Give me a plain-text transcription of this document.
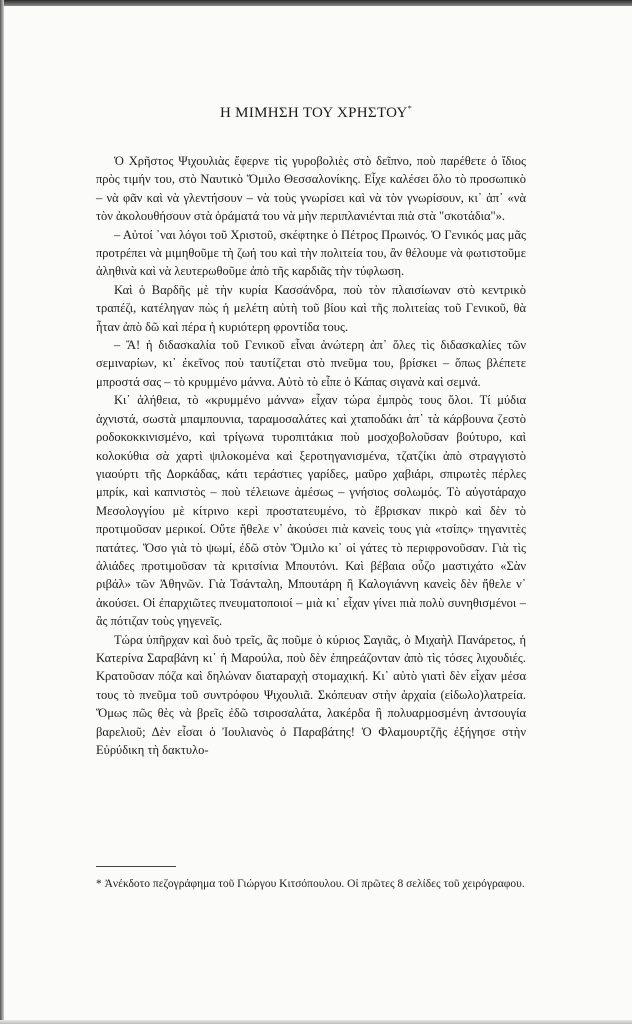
Η ΜΙΜΗΣΗ ΤΟΥ ΧΡΗΣΤΟΥ*

Ὁ Χρῆστος Ψιχουλιὰς ἔφερνε τὶς γυροβολιὲς στὸ δεῖπνο, ποὺ παρέθετε ὁ ἴδιος πρὸς τιμήν του, στὸ Ναυτικὸ Ὅμιλο Θεσσαλονίκης. Εἶχε καλέσει ὅλο τὸ προσωπικὸ – νὰ φᾶν καὶ νὰ γλεντήσουν – νὰ τοὺς γνωρίσει καὶ νὰ τὸν γνωρίσουν, κι᾽ ἀπ᾽ «νὰ τὸν ἀκολουθήσουν στὰ ὁράματά του νὰ μὴν περιπλανιένται πιὰ στὰ "σκοτάδια"».

– Αὐτοί ᾽ναι λόγοι τοῦ Χριστοῦ, σκέφτηκε ὁ Πέτρος Πρωινός. Ὁ Γενικός μας μᾶς προτρέπει νὰ μιμηθοῦμε τὴ ζωή του καὶ τὴν πολιτεία του, ἂν θέλουμε νὰ φωτιστοῦμε ἀληθινὰ καὶ νὰ λευτερωθοῦμε ἀπὸ τῆς καρδιᾶς τὴν τύφλωση.

Καὶ ὁ Βαρδῆς μὲ τὴν κυρία Κασσάνδρα, ποὺ τὸν πλαισίωναν στὸ κεντρικὸ τραπέζι, κατέληγαν πὼς ἡ μελέτη αὐτὴ τοῦ βίου καὶ τῆς πολιτείας τοῦ Γενικοῦ, θὰ ἦταν ἀπὸ δῶ καὶ πέρα ἡ κυριότερη φροντίδα τους.

– Ἄ! ἡ διδασκαλία τοῦ Γενικοῦ εἶναι ἀνώτερη ἀπ᾽ ὅλες τὶς διδασκαλίες τῶν σεμιναρίων, κι᾽ ἐκεῖνος ποὺ ταυτίζεται στὸ πνεῦμα του, βρίσκει – ὅπως βλέπετε μπροστά σας – τὸ κρυμμένο μάννα. Αὐτὸ τὸ εἶπε ὁ Κάπας σιγανὰ καὶ σεμνά.

Κι᾽ ἀλήθεια, τὸ «κρυμμένο μάννα» εἶχαν τώρα ἐμπρὸς τους ὅλοι. Τί μύδια ἀχνιστά, σωστὰ μπαμπουνια, ταραμοσαλάτες καὶ χταποδάκι ἀπ᾽ τὰ κάρβουνα ζεστὸ ροδοκοκκινισμένο, καὶ τρίγωνα τυροπιτάκια ποὺ μοσχοβολοῦσαν βούτυρο, καὶ κολοκύθια σὰ χαρτὶ ψιλοκομένα καὶ ξεροτηγανισμένα, τζατζίκι ἀπὸ στραγγιστὸ γιαούρτι τῆς Δορκάδας, κάτι τεράστιες γαρίδες, μαῦρο χαβιάρι, σπιρωτὲς πέρλες μπρίκ, καὶ καπνιστὸς – ποὺ τέλειωνε ἀμέσως – γνήσιος σολωμός. Τὸ αὐγοτάραχο Μεσολογγίου μὲ κίτρινο κερὶ προστατευμένο, τὸ ἔβρισκαν πικρὸ καὶ δὲν τὸ προτιμοῦσαν μερικοί. Οὔτε ἤθελε ν᾽ ἀκούσει πιὰ κανεὶς τους γιὰ «τσίπς» τηγανιτὲς πατάτες. Ὅσο γιὰ τὸ ψωμί, ἐδῶ στὸν Ὅμιλο κι᾽ οἱ γάτες τὸ περιφρονοῦσαν. Γιὰ τὶς ἀλιάδες προτιμοῦσαν τὰ κριτσίνια Μπουτόνι. Καὶ βέβαια οὖζο μαστιχάτο «Σὰν ριβάλ» τῶν Ἀθηνῶν. Γιὰ Τσάνταλη, Μπουτάρη ἢ Καλογιάννη κανεὶς δὲν ἤθελε ν᾽ ἀκούσει. Οἱ ἐπαρχιῶτες πνευματοποιοί – μιὰ κι᾽ εἶχαν γίνει πιὰ πολὺ συνηθισμένοι – ἂς πότιζαν τοὺς γηγενεῖς.

Τώρα ὑπῆρχαν καὶ δυὸ τρεῖς, ἂς ποῦμε ὁ κύριος Σαγιᾶς, ὁ Μιχαὴλ Πανάρετος, ἡ Κατερίνα Σαραβάνη κι᾽ ἡ Μαρούλα, ποὺ δὲν ἐπηρεάζονταν ἀπὸ τὶς τόσες λιχουδιές. Κρατοῦσαν πόζα καὶ δηλώναν διαταραχὴ στομαχική. Κι᾽ αὐτὸ γιατὶ δὲν εἶχαν μέσα τους τὸ πνεῦμα τοῦ συντρόφου Ψιχουλιᾶ. Σκόπευαν στὴν ἀρχαία (εἰδωλο)λατρεία. Ὅμως πῶς θὲς νὰ βρεῖς ἐδῶ τσιροσαλάτα, λακέρδα ἢ πολυαρμοσμένη ἀντσουγία βαρελιοῦ; Δὲν εἶσαι ὁ Ἰουλιανὸς ὁ Παραβάτης! Ὁ Φλαμουρτζῆς ἐξήγησε στὴν Εὐρύδικη τὴ δακτυλο-

* Ἀνέκδοτο πεζογράφημα τοῦ Γιώργου Κιτσόπουλου. Οἱ πρῶτες 8 σελίδες τοῦ χειρόγραφου.
